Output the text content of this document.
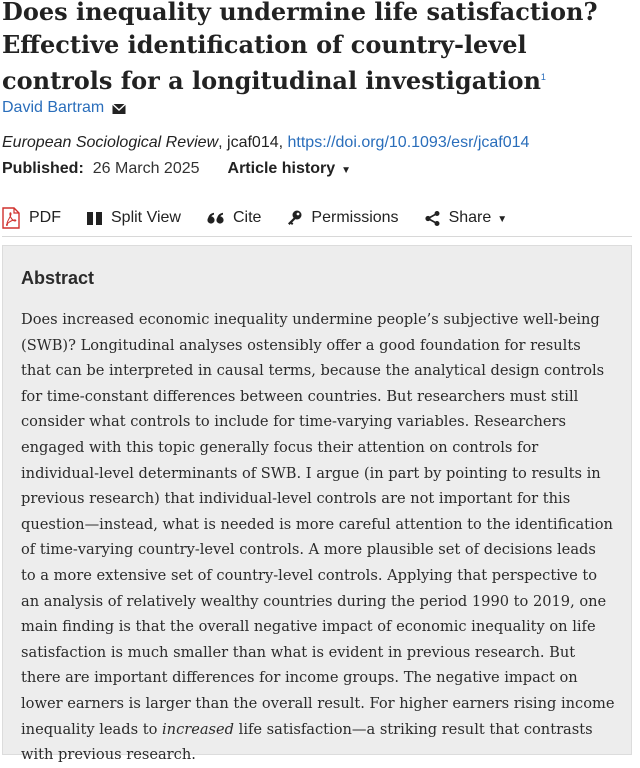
Does inequality undermine life satisfaction? Effective identification of country-level controls for a longitudinal investigation$^1$
David Bartram
European Sociological Review, jcaf014, https://doi.org/10.1093/esr/jcaf014
Published: 26 March 2025 Article history ▼
PDF	Split View	Cite	Permissions	Share ▼
Abstract

Does increased economic inequality undermine people’s subjective well-being (SWB)? Longitudinal analyses ostensibly offer a good foundation for results that can be interpreted in causal terms, because the analytical design controls for time-constant differences between countries. But researchers must still consider what controls to include for time-varying variables. Researchers engaged with this topic generally focus their attention on controls for individual-level determinants of SWB. I argue (in part by pointing to results in previous research) that individual-level controls are not important for this question—instead, what is needed is more careful attention to the identification of time-varying country-level controls. A more plausible set of decisions leads to a more extensive set of country-level controls. Applying that perspective to an analysis of relatively wealthy countries during the period 1990 to 2019, one main finding is that the overall negative impact of economic inequality on life satisfaction is much smaller than what is evident in previous research. But there are important differences for income groups. The negative impact on lower earners is larger than the overall result. For higher earners rising income inequality leads to increased life satisfaction—a striking result that contrasts with previous research.
